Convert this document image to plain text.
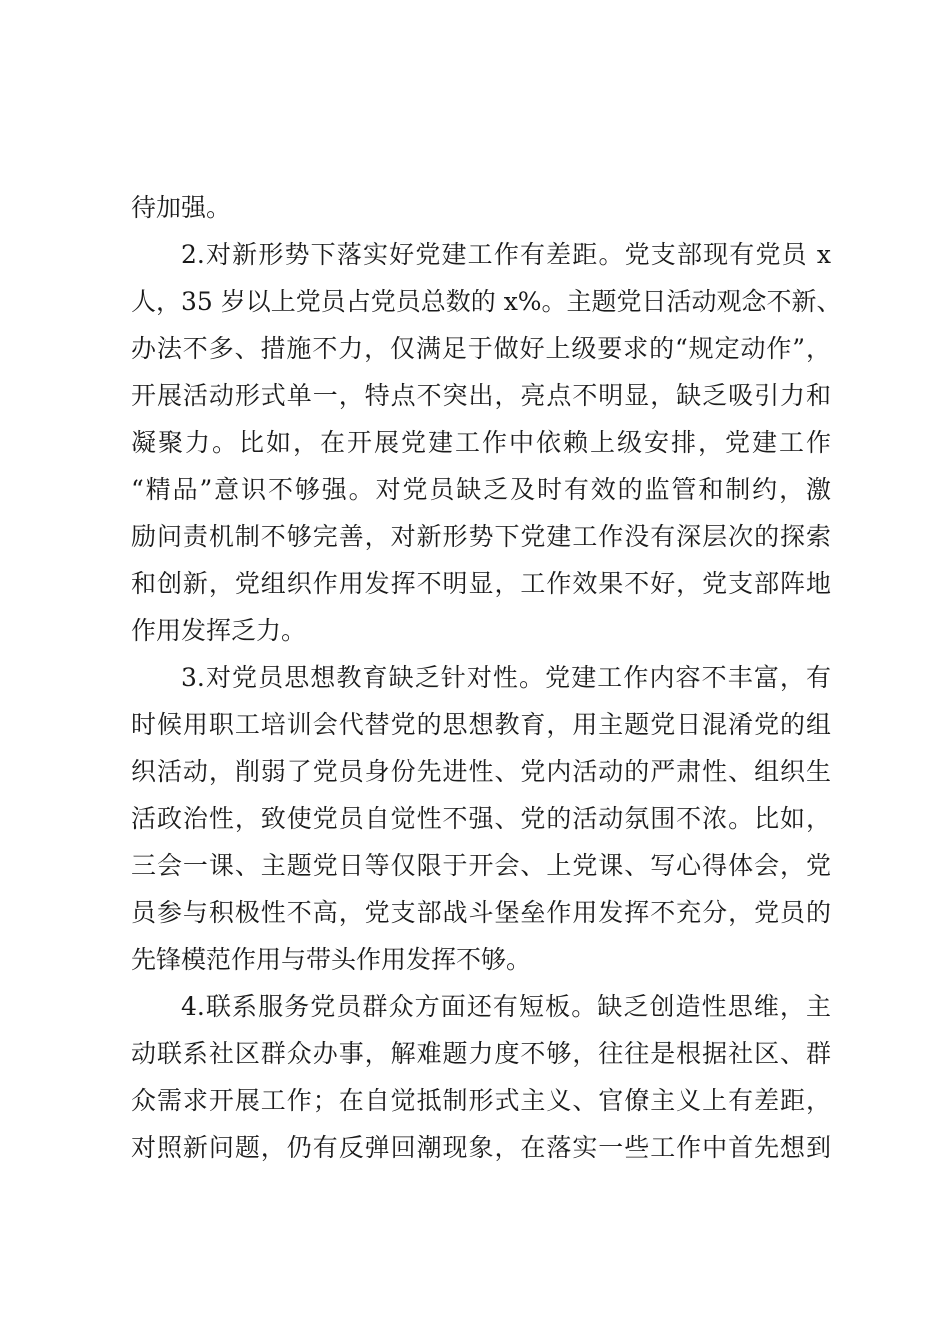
待加强。
2.对新形势下落实好党建工作有差距。党支部现有党员 x
人，35 岁以上党员占党员总数的 x%。主题党日活动观念不新、
办法不多、措施不力，仅满足于做好上级要求的“规定动作”，
开展活动形式单一，特点不突出，亮点不明显，缺乏吸引力和
凝聚力。比如，在开展党建工作中依赖上级安排，党建工作
“精品”意识不够强。对党员缺乏及时有效的监管和制约，激
励问责机制不够完善，对新形势下党建工作没有深层次的探索
和创新，党组织作用发挥不明显，工作效果不好，党支部阵地
作用发挥乏力。
3.对党员思想教育缺乏针对性。党建工作内容不丰富，有
时候用职工培训会代替党的思想教育，用主题党日混淆党的组
织活动，削弱了党员身份先进性、党内活动的严肃性、组织生
活政治性，致使党员自觉性不强、党的活动氛围不浓。比如，
三会一课、主题党日等仅限于开会、上党课、写心得体会，党
员参与积极性不高，党支部战斗堡垒作用发挥不充分，党员的
先锋模范作用与带头作用发挥不够。
4.联系服务党员群众方面还有短板。缺乏创造性思维，主
动联系社区群众办事，解难题力度不够，往往是根据社区、群
众需求开展工作；在自觉抵制形式主义、官僚主义上有差距，
对照新问题，仍有反弹回潮现象，在落实一些工作中首先想到
